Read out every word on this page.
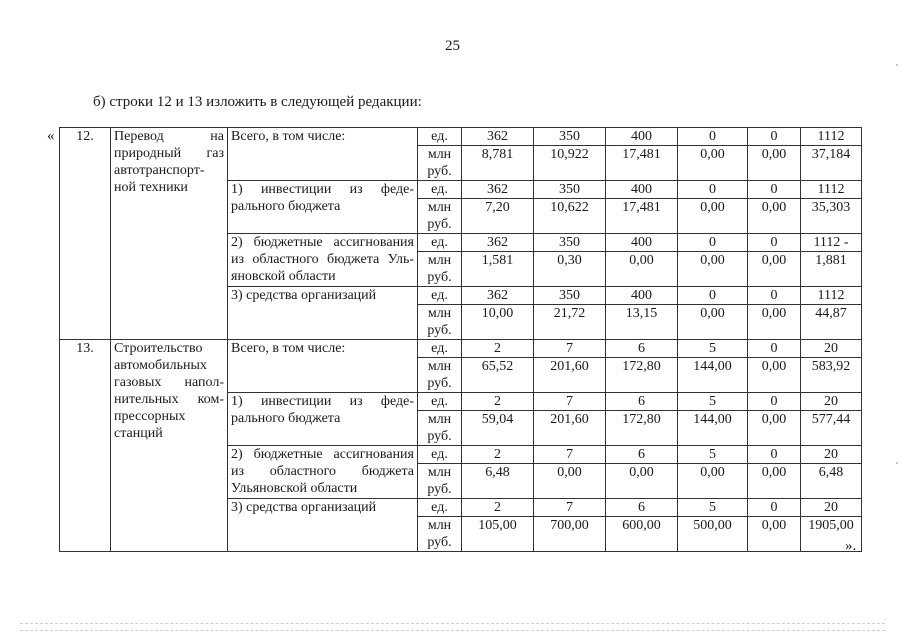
25
б) строки 12 и 13 изложить в следующей редакции:
«
».
12.	Перевод на природный газ автотранспорт-ной техники	Всего, в том числе:	ед.	362	350	400	0	0	1112
			млн руб.	8,781	10,922	17,481	0,00	0,00	37,184
		1) инвестиции из феде-рального бюджета	ед.	362	350	400	0	0	1112
			млн руб.	7,20	10,622	17,481	0,00	0,00	35,303
		2) бюджетные ассигнования из областного бюджета Уль-яновской области	ед.	362	350	400	0	0	1112 -
			млн руб.	1,581	0,30	0,00	0,00	0,00	1,881
		3) средства организаций	ед.	362	350	400	0	0	1112
			млн руб.	10,00	21,72	13,15	0,00	0,00	44,87
13.	Строительство автомобильных газовых напол-нительных ком-прессорных станций	Всего, в том числе:	ед.	2	7	6	5	0	20
			млн руб.	65,52	201,60	172,80	144,00	0,00	583,92
		1) инвестиции из феде-рального бюджета	ед.	2	7	6	5	0	20
			млн руб.	59,04	201,60	172,80	144,00	0,00	577,44
		2) бюджетные ассигнования из областного бюджета Ульяновской области	ед.	2	7	6	5	0	20
			млн руб.	6,48	0,00	0,00	0,00	0,00	6,48
		3) средства организаций	ед.	2	7	6	5	0	20
			млн руб.	105,00	700,00	600,00	500,00	0,00	1905,00
